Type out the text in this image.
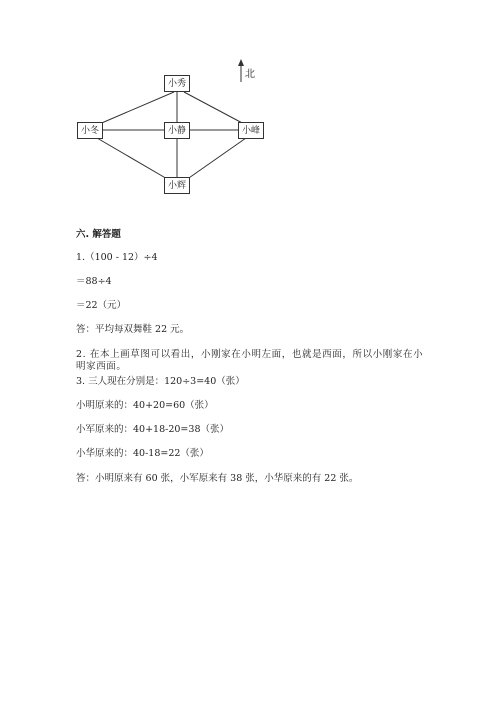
小秀
小冬	小静	小峰
小辉
北
六. 解答题
1.（100 - 12）÷4
＝88÷4
＝22（元）
答：平均每双舞鞋 22 元。
2. 在本上画草图可以看出，小刚家在小明左面，也就是西面，所以小刚家在小明家西面。
3. 三人现在分别是：120÷3=40（张）
小明原来的：40+20=60（张）
小军原来的：40+18-20=38（张）
小华原来的：40-18=22（张）
答：小明原来有 60 张，小军原来有 38 张，小华原来的有 22 张。
